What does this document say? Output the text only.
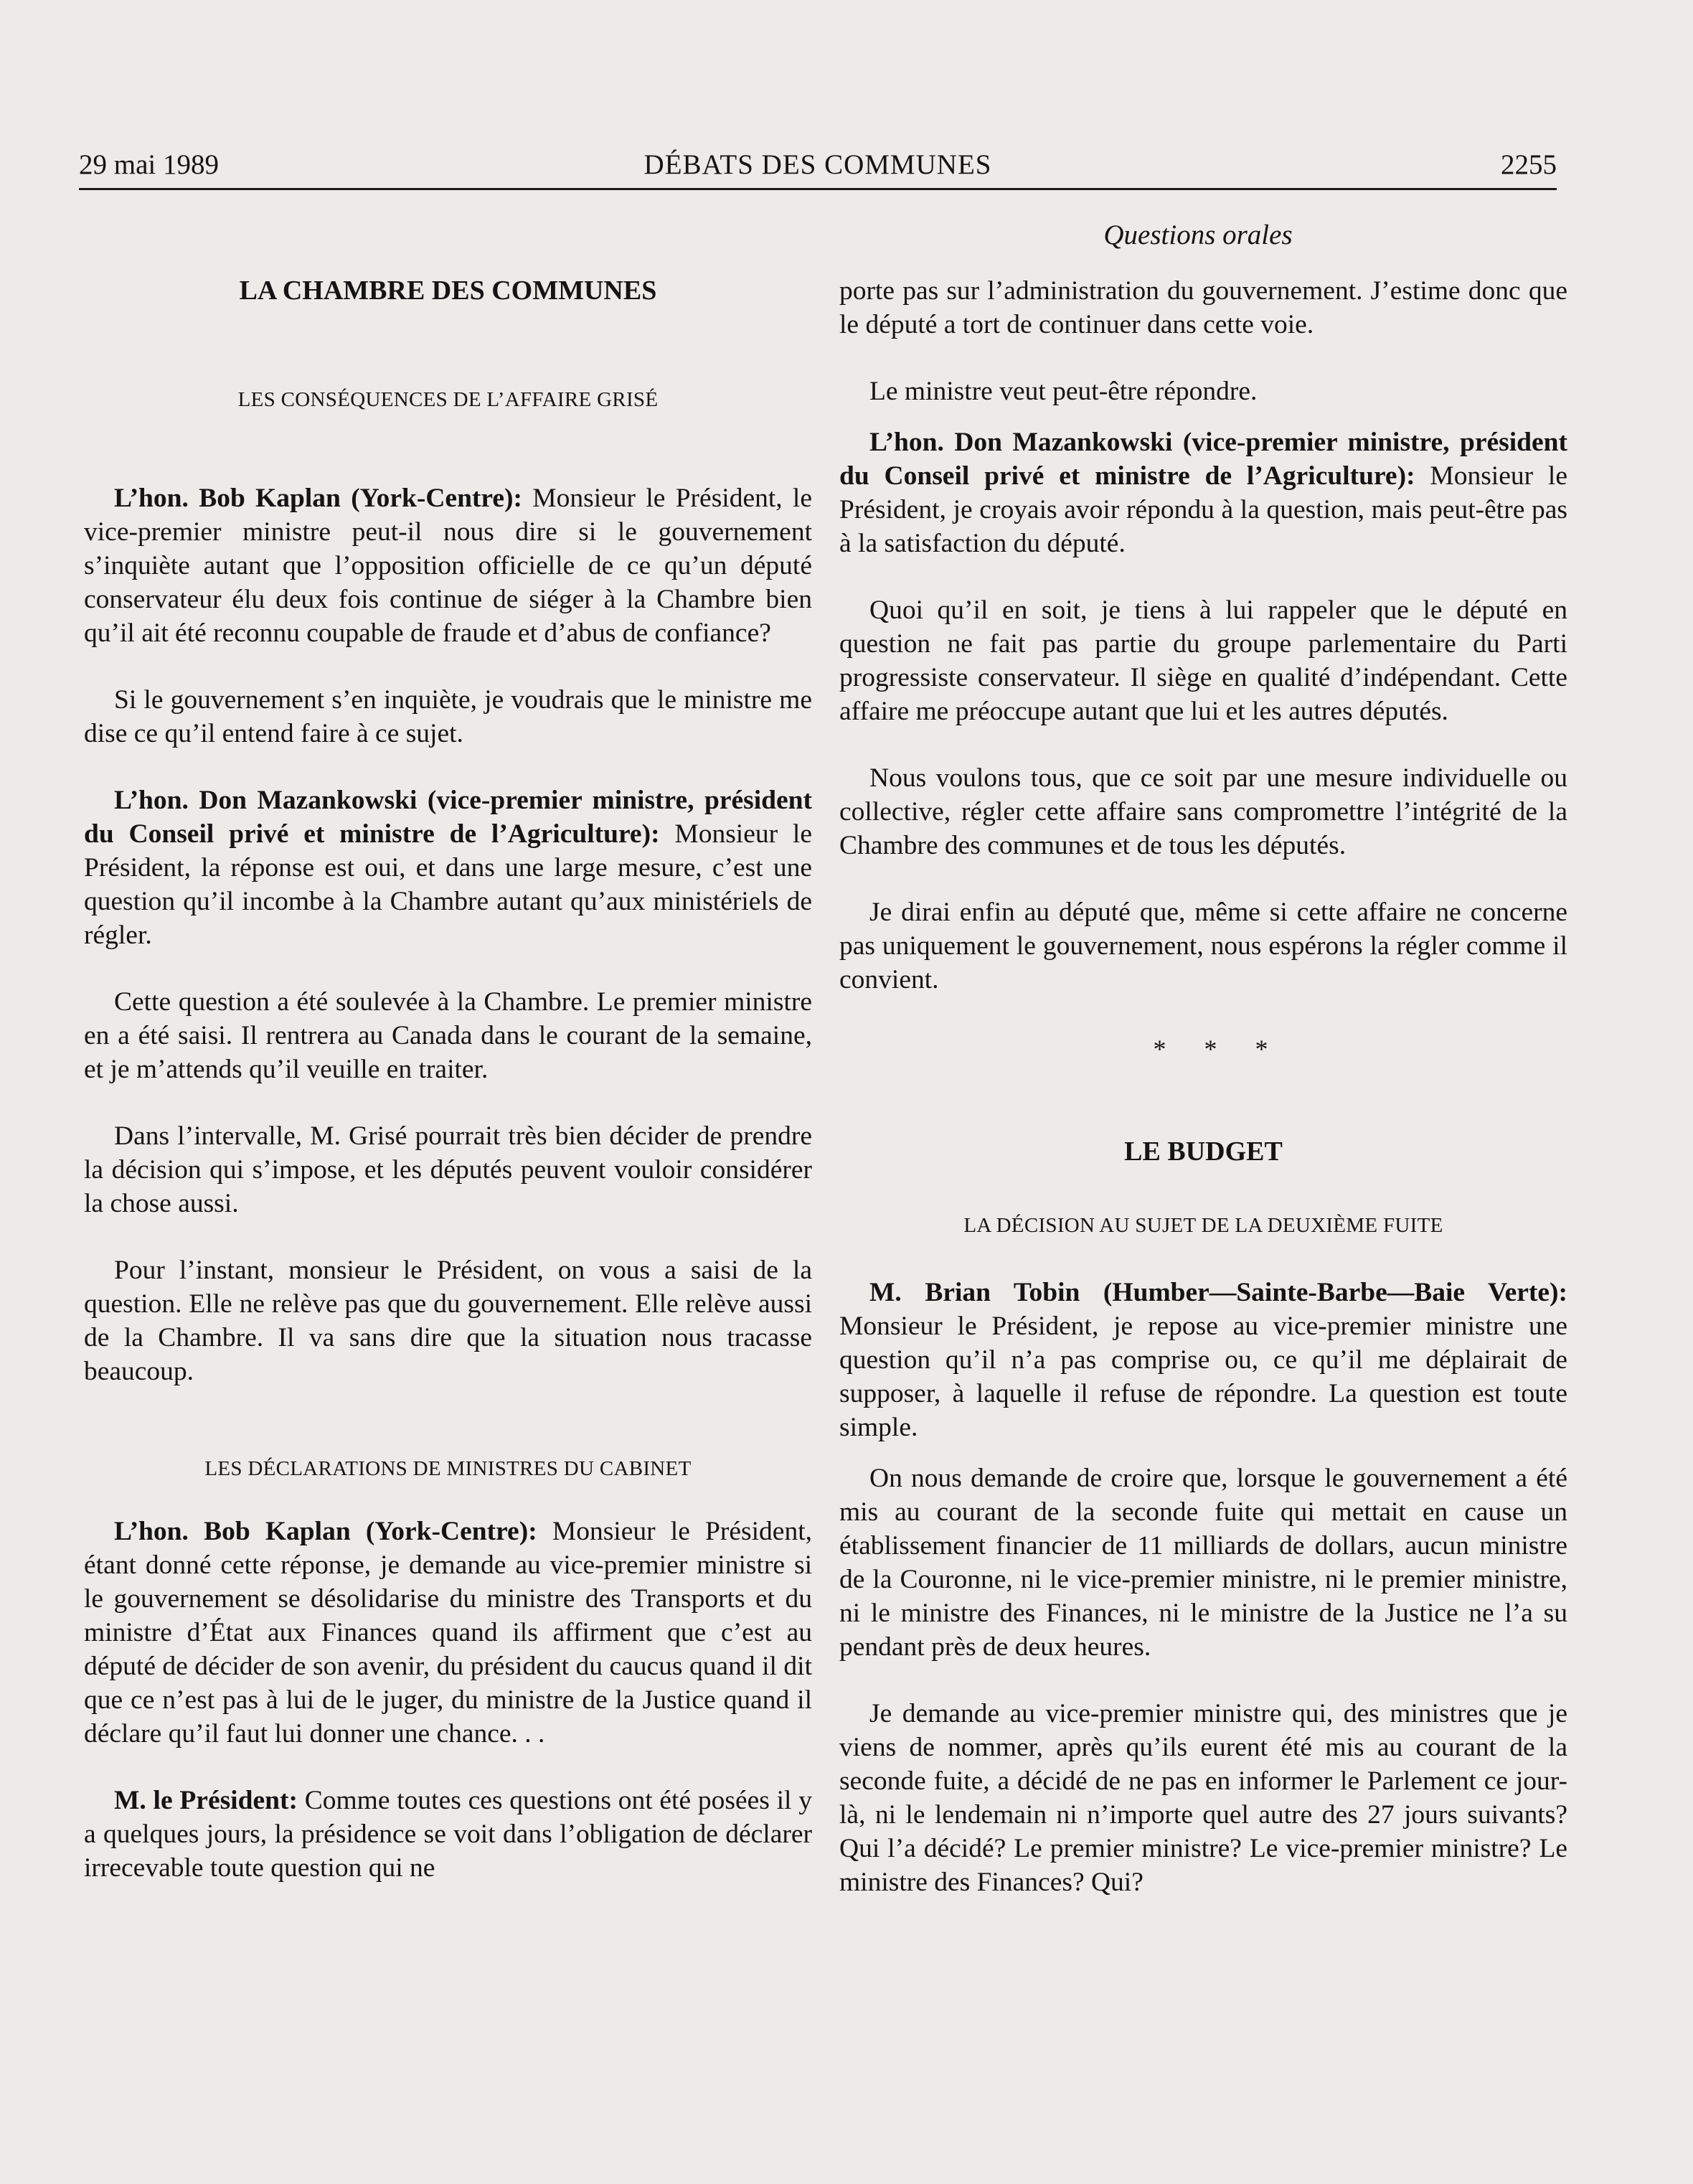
29 mai 1989	DÉBATS DES COMMUNES	2255
Questions orales
LA CHAMBRE DES COMMUNES
LES CONSÉQUENCES DE L’AFFAIRE GRISÉ

L’hon. Bob Kaplan (York-Centre): Monsieur le Président, le vice-premier ministre peut-il nous dire si le gouvernement s’inquiète autant que l’opposition officielle de ce qu’un député conservateur élu deux fois continue de siéger à la Chambre bien qu’il ait été reconnu coupable de fraude et d’abus de confiance?

Si le gouvernement s’en inquiète, je voudrais que le ministre me dise ce qu’il entend faire à ce sujet.

L’hon. Don Mazankowski (vice-premier ministre, président du Conseil privé et ministre de l’Agriculture): Monsieur le Président, la réponse est oui, et dans une large mesure, c’est une question qu’il incombe à la Chambre autant qu’aux ministériels de régler.

Cette question a été soulevée à la Chambre. Le premier ministre en a été saisi. Il rentrera au Canada dans le courant de la semaine, et je m’attends qu’il veuille en traiter.

Dans l’intervalle, M. Grisé pourrait très bien décider de prendre la décision qui s’impose, et les députés peuvent vouloir considérer la chose aussi.

Pour l’instant, monsieur le Président, on vous a saisi de la question. Elle ne relève pas que du gouvernement. Elle relève aussi de la Chambre. Il va sans dire que la situation nous tracasse beaucoup.

LES DÉCLARATIONS DE MINISTRES DU CABINET

L’hon. Bob Kaplan (York-Centre): Monsieur le Président, étant donné cette réponse, je demande au vice-premier ministre si le gouvernement se désolidarise du ministre des Transports et du ministre d’État aux Finances quand ils affirment que c’est au député de décider de son avenir, du président du caucus quand il dit que ce n’est pas à lui de le juger, du ministre de la Justice quand il déclare qu’il faut lui donner une chance. . .

M. le Président: Comme toutes ces questions ont été posées il y a quelques jours, la présidence se voit dans l’obligation de déclarer irrecevable toute question qui ne

porte pas sur l’administration du gouvernement. J’estime donc que le député a tort de continuer dans cette voie.

Le ministre veut peut-être répondre.

L’hon. Don Mazankowski (vice-premier ministre, président du Conseil privé et ministre de l’Agriculture): Monsieur le Président, je croyais avoir répondu à la question, mais peut-être pas à la satisfaction du député.

Quoi qu’il en soit, je tiens à lui rappeler que le député en question ne fait pas partie du groupe parlementaire du Parti progressiste conservateur. Il siège en qualité d’indépendant. Cette affaire me préoccupe autant que lui et les autres députés.

Nous voulons tous, que ce soit par une mesure individuelle ou collective, régler cette affaire sans compromettre l’intégrité de la Chambre des communes et de tous les députés.

Je dirai enfin au député que, même si cette affaire ne concerne pas uniquement le gouvernement, nous espérons la régler comme il convient.

* * *

LE BUDGET
LA DÉCISION AU SUJET DE LA DEUXIÈME FUITE

M. Brian Tobin (Humber—Sainte-Barbe—Baie Verte): Monsieur le Président, je repose au vice-premier ministre une question qu’il n’a pas comprise ou, ce qu’il me déplairait de supposer, à laquelle il refuse de répondre. La question est toute simple.

On nous demande de croire que, lorsque le gouvernement a été mis au courant de la seconde fuite qui mettait en cause un établissement financier de 11 milliards de dollars, aucun ministre de la Couronne, ni le vice-premier ministre, ni le premier ministre, ni le ministre des Finances, ni le ministre de la Justice ne l’a su pendant près de deux heures.

Je demande au vice-premier ministre qui, des ministres que je viens de nommer, après qu’ils eurent été mis au courant de la seconde fuite, a décidé de ne pas en informer le Parlement ce jour-là, ni le lendemain ni n’importe quel autre des 27 jours suivants? Qui l’a décidé? Le premier ministre? Le vice-premier ministre? Le ministre des Finances? Qui?
